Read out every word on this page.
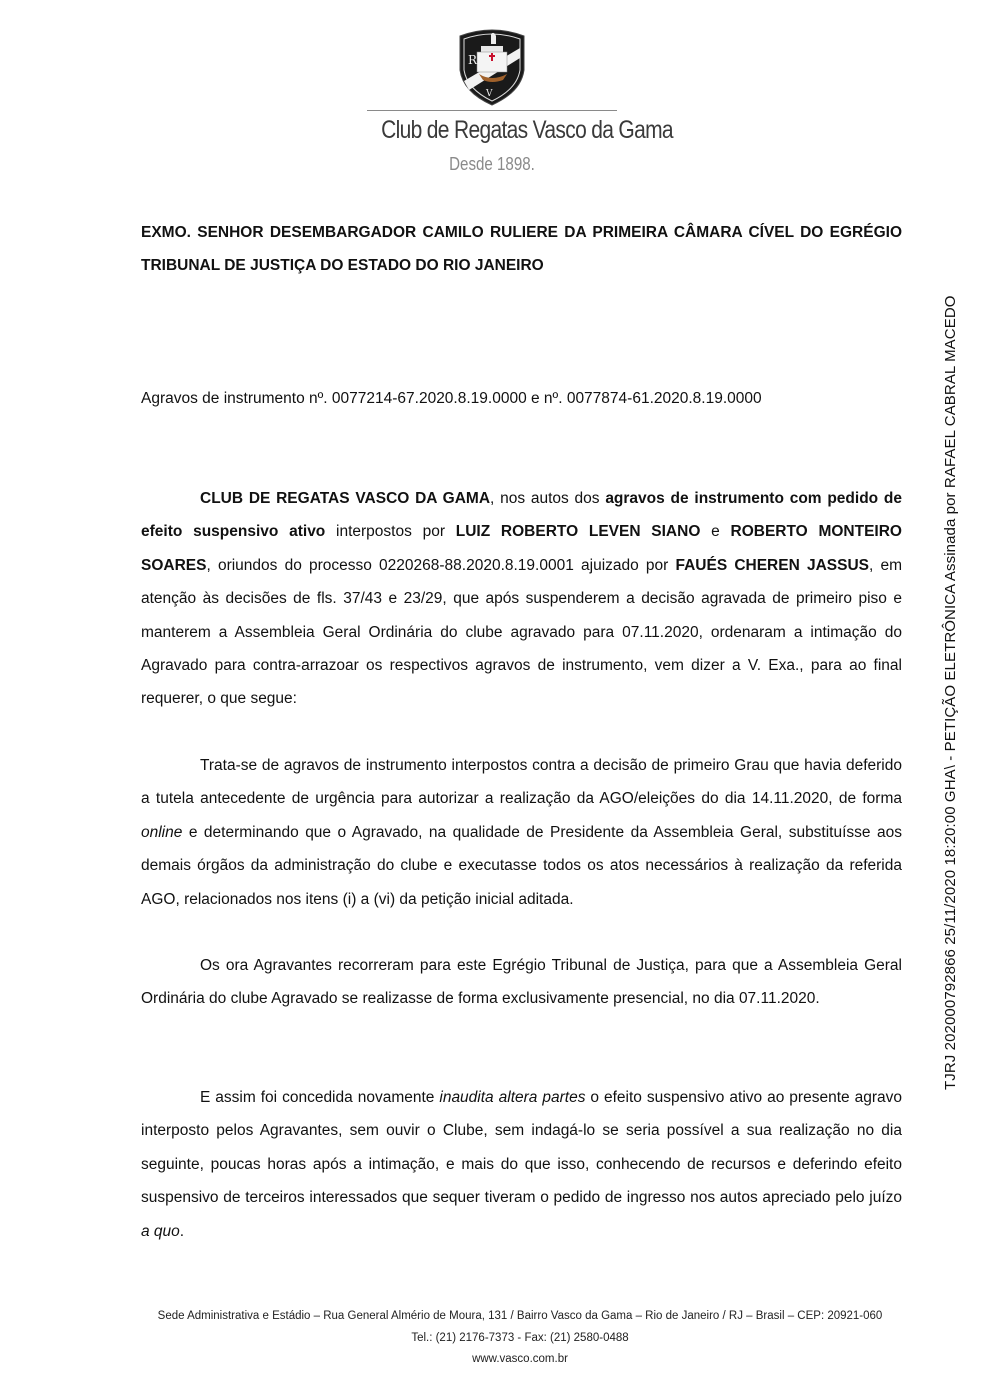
R
V
Club de Regatas Vasco da Gama
Desde 1898.

EXMO. SENHOR DESEMBARGADOR CAMILO RULIERE DA PRIMEIRA CÂMARA CÍVEL DO EGRÉGIO

TRIBUNAL DE JUSTIÇA DO ESTADO DO RIO JANEIRO

Agravos de instrumento nº. 0077214-67.2020.8.19.0000 e nº. 0077874-61.2020.8.19.0000

CLUB DE REGATAS VASCO DA GAMA, nos autos dos agravos de instrumento com pedido de efeito suspensivo ativo interpostos por LUIZ ROBERTO LEVEN SIANO e ROBERTO MONTEIRO SOARES, oriundos do processo 0220268-88.2020.8.19.0001 ajuizado por FAUÉS CHEREN JASSUS, em atenção às decisões de fls. 37/43 e 23/29, que após suspenderem a decisão agravada de primeiro piso e manterem a Assembleia Geral Ordinária do clube agravado para 07.11.2020, ordenaram a intimação do Agravado para contra-arrazoar os respectivos agravos de instrumento, vem dizer a V. Exa., para ao final requerer, o que segue:

Trata-se de agravos de instrumento interpostos contra a decisão de primeiro Grau que havia deferido a tutela antecedente de urgência para autorizar a realização da AGO/eleições do dia 14.11.2020, de forma online e determinando que o Agravado, na qualidade de Presidente da Assembleia Geral, substituísse aos demais órgãos da administração do clube e executasse todos os atos necessários à realização da referida AGO, relacionados nos itens (i) a (vi) da petição inicial aditada.

Os ora Agravantes recorreram para este Egrégio Tribunal de Justiça, para que a Assembleia Geral Ordinária do clube Agravado se realizasse de forma exclusivamente presencial, no dia 07.11.2020.

E assim foi concedida novamente inaudita altera partes o efeito suspensivo ativo ao presente agravo interposto pelos Agravantes, sem ouvir o Clube, sem indagá-lo se seria possível a sua realização no dia seguinte, poucas horas após a intimação, e mais do que isso, conhecendo de recursos e deferindo efeito suspensivo de terceiros interessados que sequer tiveram o pedido de ingresso nos autos apreciado pelo juízo a quo.

Sede Administrativa e Estádio – Rua General Almério de Moura, 131 / Bairro Vasco da Gama – Rio de Janeiro / RJ – Brasil – CEP: 20921-060
Tel.: (21) 2176-7373 - Fax: (21) 2580-0488
www.vasco.com.br
TJRJ 202000792866 25/11/2020 18:20:00 GHA\ - PETIÇÃO ELETRÔNICA Assinada por RAFAEL CABRAL MACEDO
